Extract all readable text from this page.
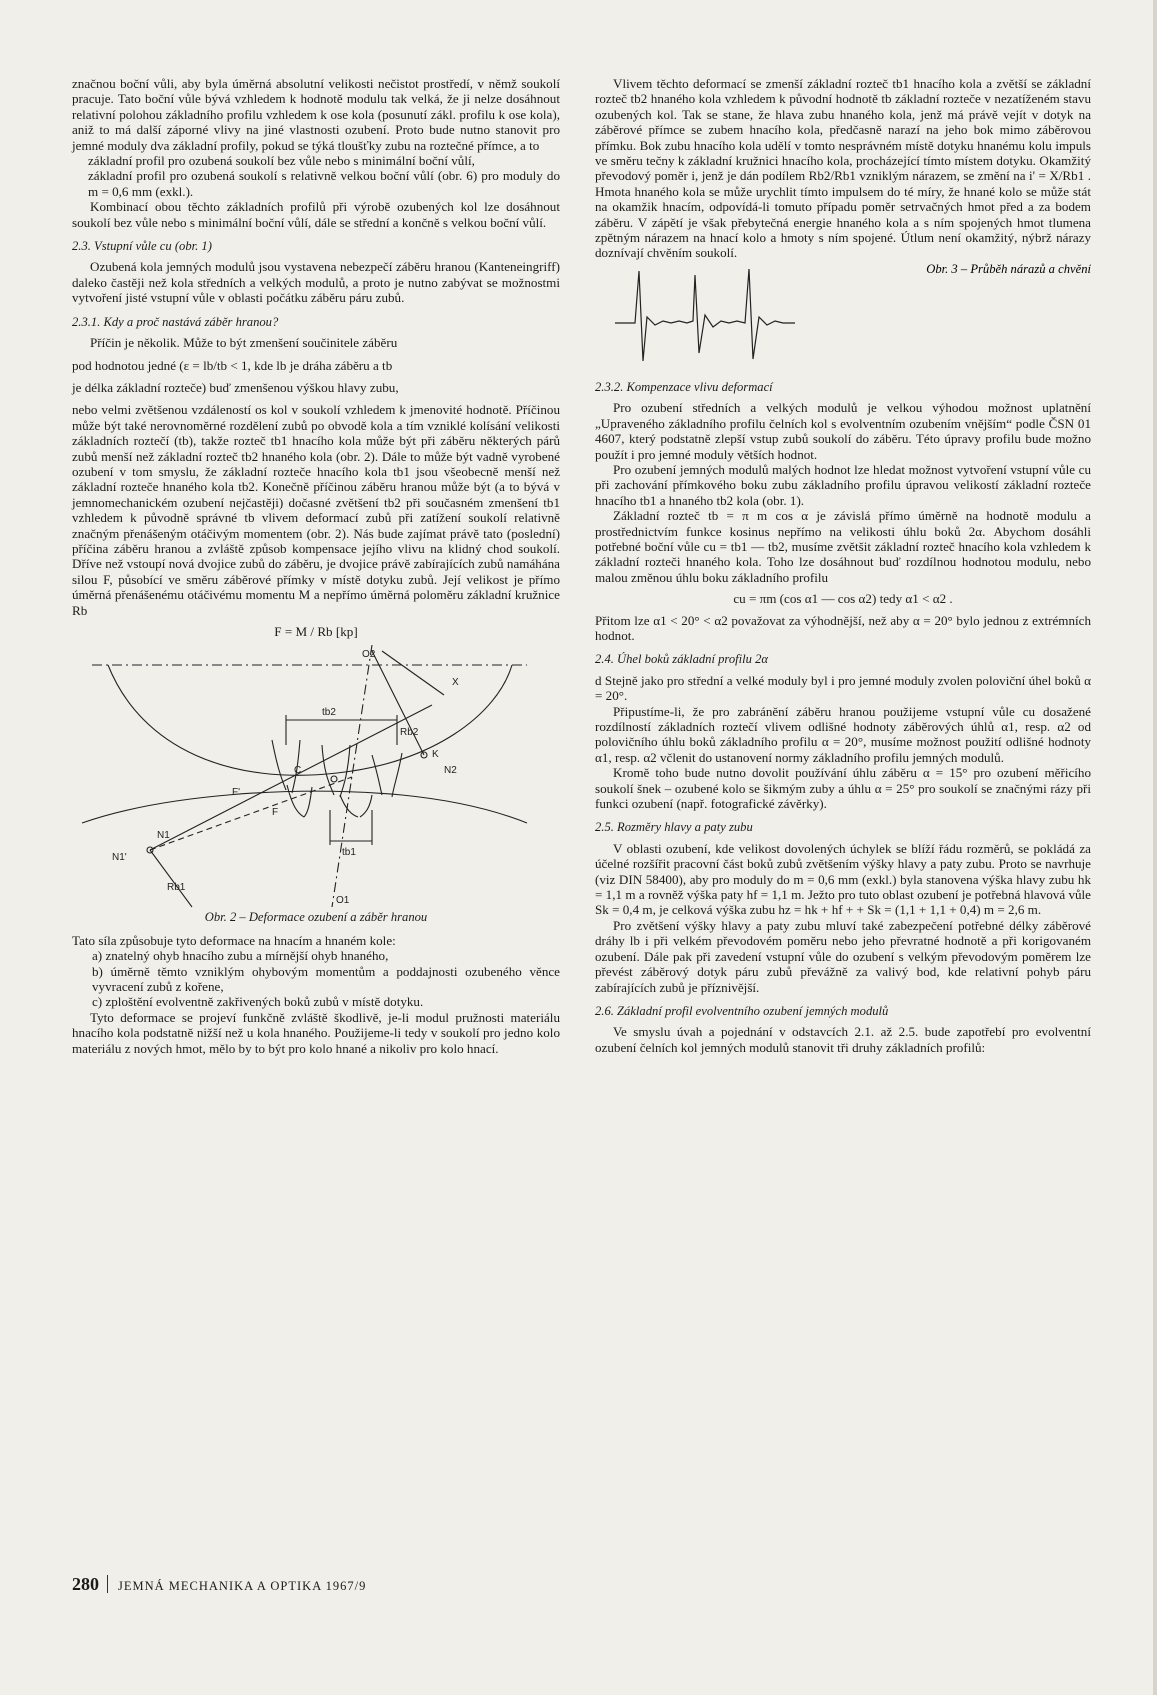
značnou boční vůli, aby byla úměrná absolutní velikosti nečistot prostředí, v němž soukolí pracuje. Tato boční vůle bývá vzhledem k hodnotě modulu tak velká, že ji nelze dosáhnout relativní polohou základního profilu vzhledem k ose kola (posunutí zákl. profilu k ose kola), aniž to má další záporné vlivy na jiné vlastnosti ozubení. Proto bude nutno stanovit pro jemné moduly dva základní profily, pokud se týká tloušťky zubu na roztečné přímce, a to

základní profil pro ozubená soukolí bez vůle nebo s minimální boční vůlí,

základní profil pro ozubená soukolí s relativně velkou boční vůlí (obr. 6) pro moduly do m = 0,6 mm (exkl.).

Kombinací obou těchto základních profilů při výrobě ozubených kol lze dosáhnout soukolí bez vůle nebo s minimální boční vůlí, dále se střední a končně s velkou boční vůlí.

2.3. Vstupní vůle cu (obr. 1)

Ozubená kola jemných modulů jsou vystavena nebezpečí záběru hranou (Kanteneingriff) daleko častěji než kola středních a velkých modulů, a proto je nutno zabývat se možnostmi vytvoření jisté vstupní vůle v oblasti počátku záběru páru zubů.

2.3.1. Kdy a proč nastává záběr hranou?

Příčin je několik. Může to být zmenšení součinitele záběru

pod hodnotou jedné (ε = lb/tb < 1, kde lb je dráha záběru a tb

je délka základní rozteče) buď zmenšenou výškou hlavy zubu,

nebo velmi zvětšenou vzdáleností os kol v soukolí vzhledem k jmenovité hodnotě. Příčinou může být také nerovnoměrné rozdělení zubů po obvodě kola a tím vzniklé kolísání velikosti základních roztečí (tb), takže rozteč tb1 hnacího kola může být při záběru některých párů zubů menší než základní rozteč tb2 hnaného kola (obr. 2). Dále to může být vadně vyrobené ozubení v tom smyslu, že základní rozteče hnacího kola tb1 jsou všeobecně menší než základní rozteče hnaného kola tb2. Konečně příčinou záběru hranou může být (a to bývá v jemnomechanickém ozubení nejčastěji) dočasné zvětšení tb2 při současném zmenšení tb1 vzhledem k původně správné tb vlivem deformací zubů při zatížení soukolí relativně značným přenášeným otáčivým momentem (obr. 2). Nás bude zajímat právě tato (poslední) příčina záběru hranou a zvláště způsob kompensace jejího vlivu na klidný chod soukolí. Dříve než vstoupí nová dvojice zubů do záběru, je dvojice právě zabírajících zubů namáhána silou F, působící ve směru záběrové přímky v místě dotyku zubů. Její velikost je přímo úměrná přenášenému otáčivému momentu M a nepřímo úměrná poloměru základní kružnice Rb

F = M / Rb [kp]

O2
tb2
X
Rb2
K
N2
F'
C
F
N1
N1'	tb1
Rb1
O1

Obr. 2 – Deformace ozubení a záběr hranou

Tato síla způsobuje tyto deformace na hnacím a hnaném kole:

a) znatelný ohyb hnacího zubu a mírnější ohyb hnaného,

b) úměrně těmto vzniklým ohybovým momentům a poddajnosti ozubeného věnce vyvracení zubů z kořene,

c) zploštění evolventně zakřivených boků zubů v místě dotyku.

Tyto deformace se projeví funkčně zvláště škodlivě, je-li modul pružnosti materiálu hnacího kola podstatně nižší než u kola hnaného. Použijeme-li tedy v soukolí pro jedno kolo materiálu z nových hmot, mělo by to být pro kolo hnané a nikoliv pro kolo hnací.

Vlivem těchto deformací se zmenší základní rozteč tb1 hnacího kola a zvětší se základní rozteč tb2 hnaného kola vzhledem k původní hodnotě tb základní rozteče v nezatíženém stavu ozubených kol. Tak se stane, že hlava zubu hnaného kola, jenž má právě vejít v dotyk na záběrové přímce se zubem hnacího kola, předčasně narazí na jeho bok mimo záběrovou přímku. Bok zubu hnacího kola udělí v tomto nesprávném místě dotyku hnanému kolu impuls ve směru tečny k základní kružnici hnacího kola, procházející tímto místem dotyku. Okamžitý převodový poměr i, jenž je dán podílem Rb2/Rb1 vzniklým nárazem, se změní na i' = X/Rb1 . Hmota hnaného kola se může urychlit tímto impulsem do té míry, že hnané kolo se může stát na okamžik hnacím, odpovídá-li tomuto případu poměr setrvačných hmot před a za bodem záběru. V zápětí je však přebytečná energie hnaného kola a s ním spojených hmot tlumena zpětným nárazem na hnací kolo a hmoty s ním spojené. Útlum není okamžitý, nýbrž nárazy doznívají chvěním soukolí.

Obr. 3 – Průběh nárazů a chvění

2.3.2. Kompenzace vlivu deformací

Pro ozubení středních a velkých modulů je velkou výhodou možnost uplatnění „Upraveného základního profilu čelních kol s evolventním ozubením vnějším“ podle ČSN 01 4607, který podstatně zlepší vstup zubů soukolí do záběru. Této úpravy profilu bude možno použít i pro jemné moduly větších hodnot.

Pro ozubení jemných modulů malých hodnot lze hledat možnost vytvoření vstupní vůle cu při zachování přímkového boku zubu základního profilu úpravou velikostí základní rozteče hnacího tb1 a hnaného tb2 kola (obr. 1).

Základní rozteč tb = π m cos α je závislá přímo úměrně na hodnotě modulu a prostřednictvím funkce kosinus nepřímo na velikosti úhlu boků 2α. Abychom dosáhli potřebné boční vůle cu = tb1 — tb2, musíme zvětšit základní rozteč hnacího kola vzhledem k základní rozteči hnaného kola. Toho lze dosáhnout buď rozdílnou hodnotou modulu, nebo malou změnou úhlu boku základního profilu

cu = πm (cos α1 — cos α2) tedy α1 < α2 .

Přitom lze α1 < 20° < α2 považovat za výhodnější, než aby α = 20° bylo jednou z extrémních hodnot.

2.4. Úhel boků základní profilu 2α

d Stejně jako pro střední a velké moduly byl i pro jemné moduly zvolen poloviční úhel boků α = 20°.

Připustíme-li, že pro zabránění záběru hranou použijeme vstupní vůle cu dosažené rozdílností základních roztečí vlivem odlišné hodnoty záběrových úhlů α1, resp. α2 od polovičního úhlu boků základního profilu α = 20°, musíme možnost použití odlišné hodnoty α1, resp. α2 včlenit do ustanovení normy základního profilu jemných modulů.

Kromě toho bude nutno dovolit používání úhlu záběru α = 15° pro ozubení měřicího soukolí šnek – ozubené kolo se šikmým zuby a úhlu α = 25° pro soukolí se značnými rázy při funkci ozubení (např. fotografické závěrky).

2.5. Rozměry hlavy a paty zubu

V oblasti ozubení, kde velikost dovolených úchylek se blíží řádu rozměrů, se pokládá za účelné rozšířit pracovní část boků zubů zvětšením výšky hlavy a paty zubu. Proto se navrhuje (viz DIN 58400), aby pro moduly do m = 0,6 mm (exkl.) byla stanovena výška hlavy zubu hk = 1,1 m a rovněž výška paty hf = 1,1 m. Ježto pro tuto oblast ozubení je potřebná hlavová vůle Sk = 0,4 m, je celková výška zubu hz = hk + hf + + Sk = (1,1 + 1,1 + 0,4) m = 2,6 m.

Pro zvětšení výšky hlavy a paty zubu mluví také zabezpečení potřebné délky záběrové dráhy lb i při velkém převodovém poměru nebo jeho převratné hodnotě a při korigovaném ozubení. Dále pak při zavedení vstupní vůle do ozubení s velkým převodovým poměrem lze převést záběrový dotyk páru zubů převážně za valivý bod, kde relativní pohyb páru zabírajících zubů je příznivější.

2.6. Základní profil evolventního ozubení jemných modulů

Ve smyslu úvah a pojednání v odstavcích 2.1. až 2.5. bude zapotřebí pro evolventní ozubení čelních kol jemných modulů stanovit tři druhy základních profilů:

280 JEMNÁ MECHANIKA A OPTIKA 1967/9
